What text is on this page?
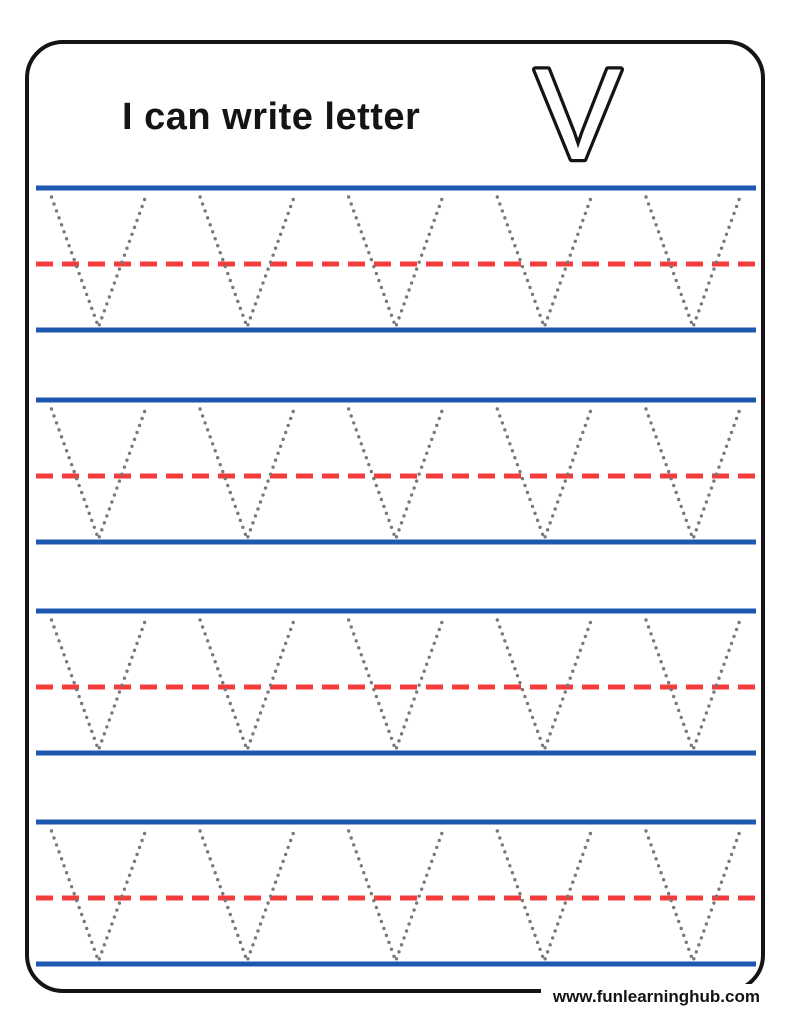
I can write letter V
www.funlearninghub.com
